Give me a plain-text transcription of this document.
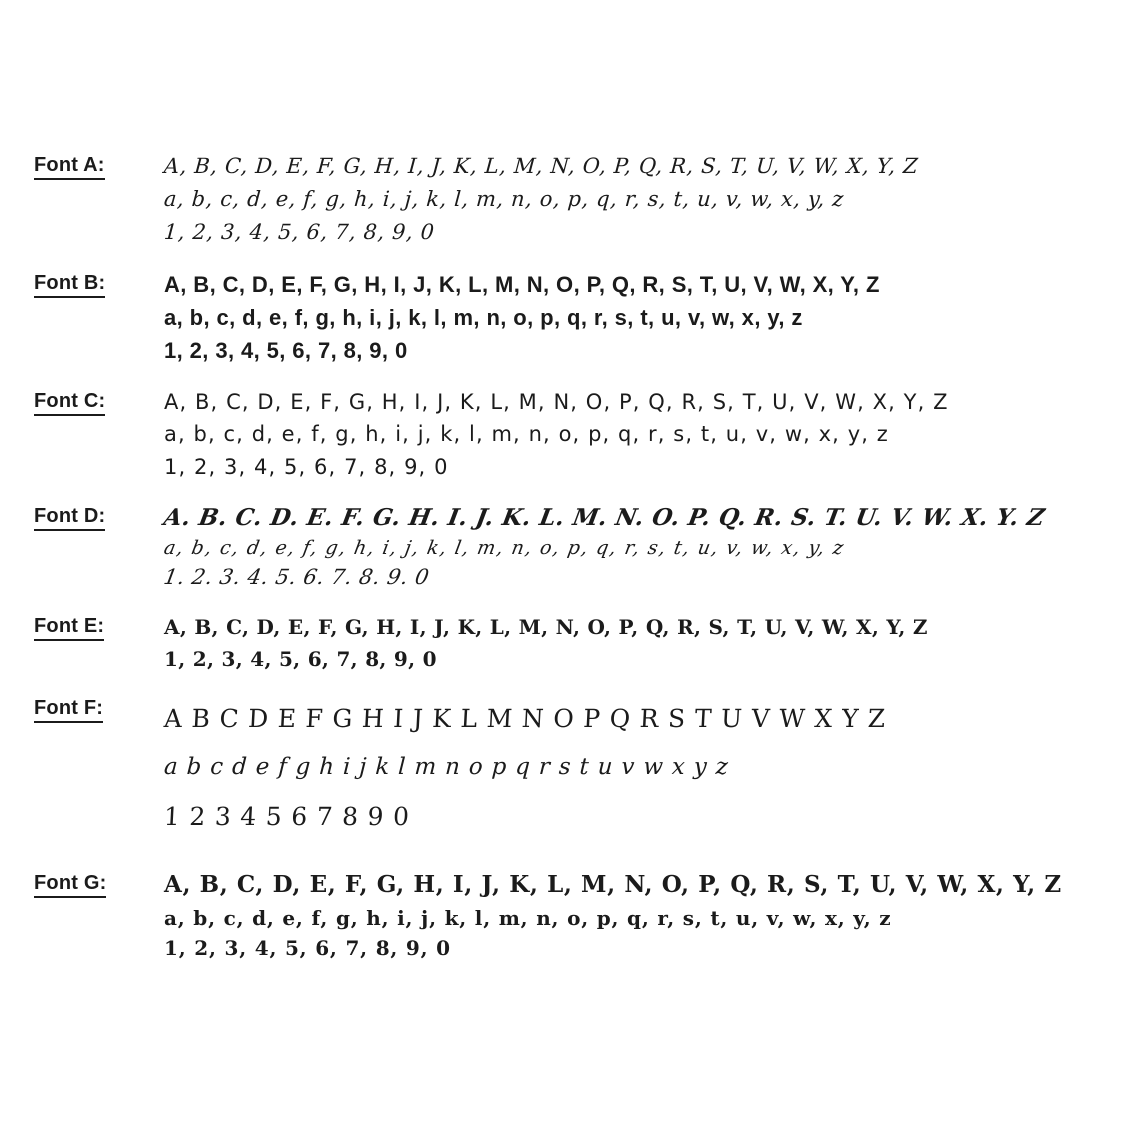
Font A:	A, B, C, D, E, F, G, H, I, J, K, L, M, N, O, P, Q, R, S, T, U, V, W, X, Y, Z
a, b, c, d, e, f, g, h, i, j, k, l, m, n, o, p, q, r, s, t, u, v, w, x, y, z
1, 2, 3, 4, 5, 6, 7, 8, 9, 0
Font B:	A, B, C, D, E, F, G, H, I, J, K, L, M, N, O, P, Q, R, S, T, U, V, W, X, Y, Z
a, b, c, d, e, f, g, h, i, j, k, l, m, n, o, p, q, r, s, t, u, v, w, x, y, z
1, 2, 3, 4, 5, 6, 7, 8, 9, 0
Font C:	A, B, C, D, E, F, G, H, I, J, K, L, M, N, O, P, Q, R, S, T, U, V, W, X, Y, Z
a, b, c, d, e, f, g, h, i, j, k, l, m, n, o, p, q, r, s, t, u, v, w, x, y, z
1, 2, 3, 4, 5, 6, 7, 8, 9, 0
Font D:	A. B. C. D. E. F. G. H. I. J. K. L. M. N. O. P. Q. R. S. T. U. V. W. X. Y. Z
a, b, c, d, e, f, g, h, i, j, k, l, m, n, o, p, q, r, s, t, u, v, w, x, y, z
1. 2. 3. 4. 5. 6. 7. 8. 9. 0
Font E:	A, B, C, D, E, F, G, H, I, J, K, L, M, N, O, P, Q, R, S, T, U, V, W, X, Y, Z
1, 2, 3, 4, 5, 6, 7, 8, 9, 0
Font F:	A B C D E F G H I J K L M N O P Q R S T U V W X Y Z
a b c d e f g h i j k l m n o p q r s t u v w x y z
1 2 3 4 5 6 7 8 9 0
Font G:	A, B, C, D, E, F, G, H, I, J, K, L, M, N, O, P, Q, R, S, T, U, V, W, X, Y, Z
a, b, c, d, e, f, g, h, i, j, k, l, m, n, o, p, q, r, s, t, u, v, w, x, y, z
1, 2, 3, 4, 5, 6, 7, 8, 9, 0
